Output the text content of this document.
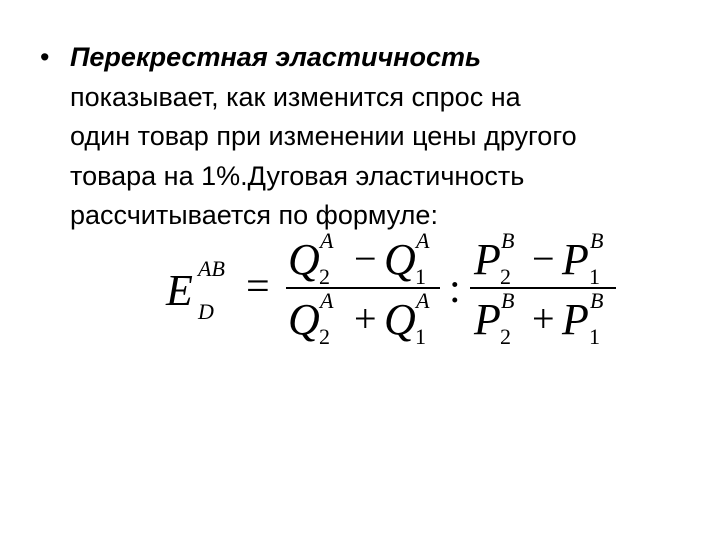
• Перекрестная эластичность
показывает, как изменится спрос на
один товар при изменении цены другого
товара на 1%.Дуговая эластичность
рассчитывается по формуле:
E AB
D
=
Q A
2 − Q A
1
Q A
2 + Q A
1
:
P B
2 − P B
1
P B
2 + P B
1
